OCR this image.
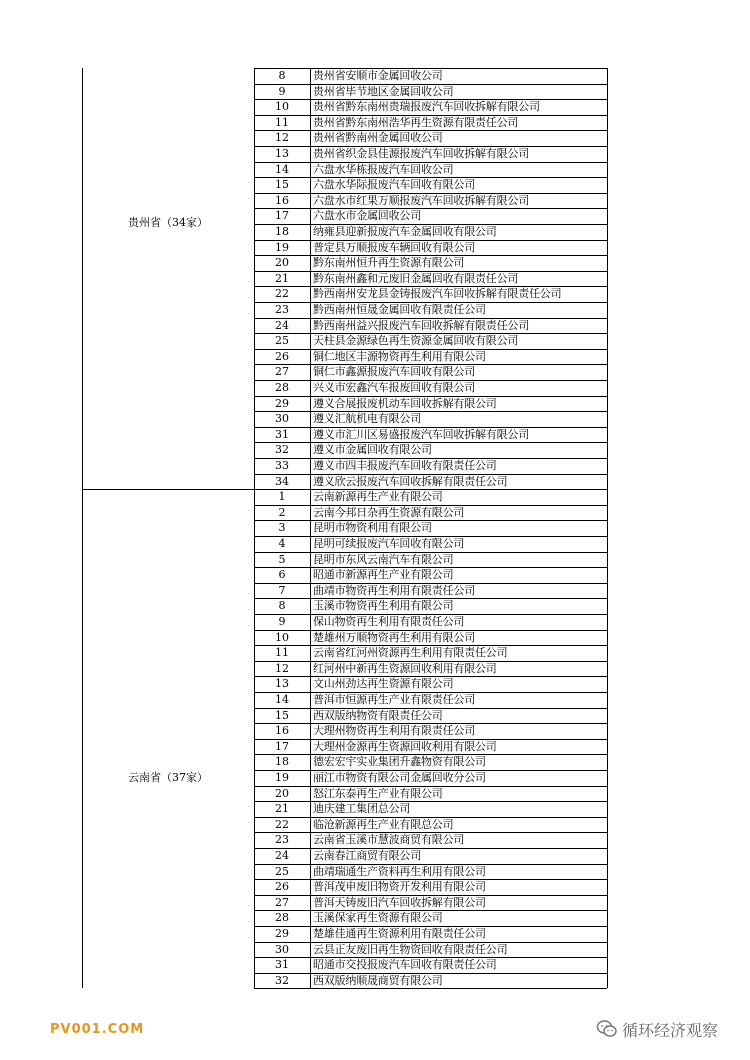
8	贵州省安顺市金属回收公司
9	贵州省毕节地区金属回收公司
10	贵州省黔东南州贵瑞报废汽车回收拆解有限公司
11	贵州省黔东南州浩华再生资源有限责任公司
12	贵州省黔南州金属回收公司
13	贵州省织金县佳源报废汽车回收拆解有限公司
14	六盘水华栋报废汽车回收公司
15	六盘水华际报废汽车回收有限公司
16	六盘水市红果万顺报废汽车回收拆解有限公司
17	六盘水市金属回收公司
18	纳雍县迎新报废汽车金属回收有限公司
19	普定县万顺报废车辆回收有限公司
20	黔东南州恒升再生资源有限公司
21	黔东南州鑫和元废旧金属回收有限责任公司
22	黔西南州安龙县金铸报废汽车回收拆解有限责任公司
23	黔西南州恒晟金属回收有限责任公司
24	黔西南州益兴报废汽车回收拆解有限责任公司
25	天柱县金源绿色再生资源金属回收有限公司
26	铜仁地区丰源物资再生利用有限公司
27	铜仁市鑫源报废汽车回收有限公司
28	兴义市宏鑫汽车报废回收有限公司
29	遵义合展报废机动车回收拆解有限公司
30	遵义汇航机电有限公司
31	遵义市汇川区易盛报废汽车回收拆解有限公司
32	遵义市金属回收有限公司
33	遵义市四丰报废汽车回收有限责任公司
34	遵义欣云报废汽车回收拆解有限责任公司
贵州省（34家）
1	云南新源再生产业有限公司
2	云南今邦日杂再生资源有限公司
3	昆明市物资利用有限公司
4	昆明可续报废汽车回收有限公司
5	昆明市东风云南汽车有限公司
6	昭通市新源再生产业有限公司
7	曲靖市物资再生利用有限责任公司
8	玉溪市物资再生利用有限公司
9	保山物资再生利用有限责任公司
10	楚雄州万顺物资再生利用有限公司
11	云南省红河州资源再生利用有限责任公司
12	红河州中新再生资源回收利用有限公司
13	文山州劲达再生资源有限公司
14	普洱市恒源再生产业有限责任公司
15	西双版纳物资有限责任公司
16	大理州物资再生利用有限责任公司
17	大理州金源再生资源回收利用有限公司
18	德宏宏宇实业集团升鑫物资有限公司
19	丽江市物资有限公司金属回收分公司
20	怒江东泰再生产业有限公司
21	迪庆建工集团总公司
22	临沧新源再生产业有限总公司
23	云南省玉溪市慧波商贸有限公司
24	云南春江商贸有限公司
25	曲靖瑞通生产资料再生利用有限公司
26	普洱茂申废旧物资开发利用有限公司
27	普洱天铸废旧汽车回收拆解有限公司
28	玉溪保家再生资源有限公司
29	楚雄佳通再生资源利用有限责任公司
30	云县正友废旧再生物资回收有限责任公司
31	昭通市交投报废汽车回收有限责任公司
32	西双版纳顺晟商贸有限公司
云南省（37家）
PV001.COM	循环经济观察
